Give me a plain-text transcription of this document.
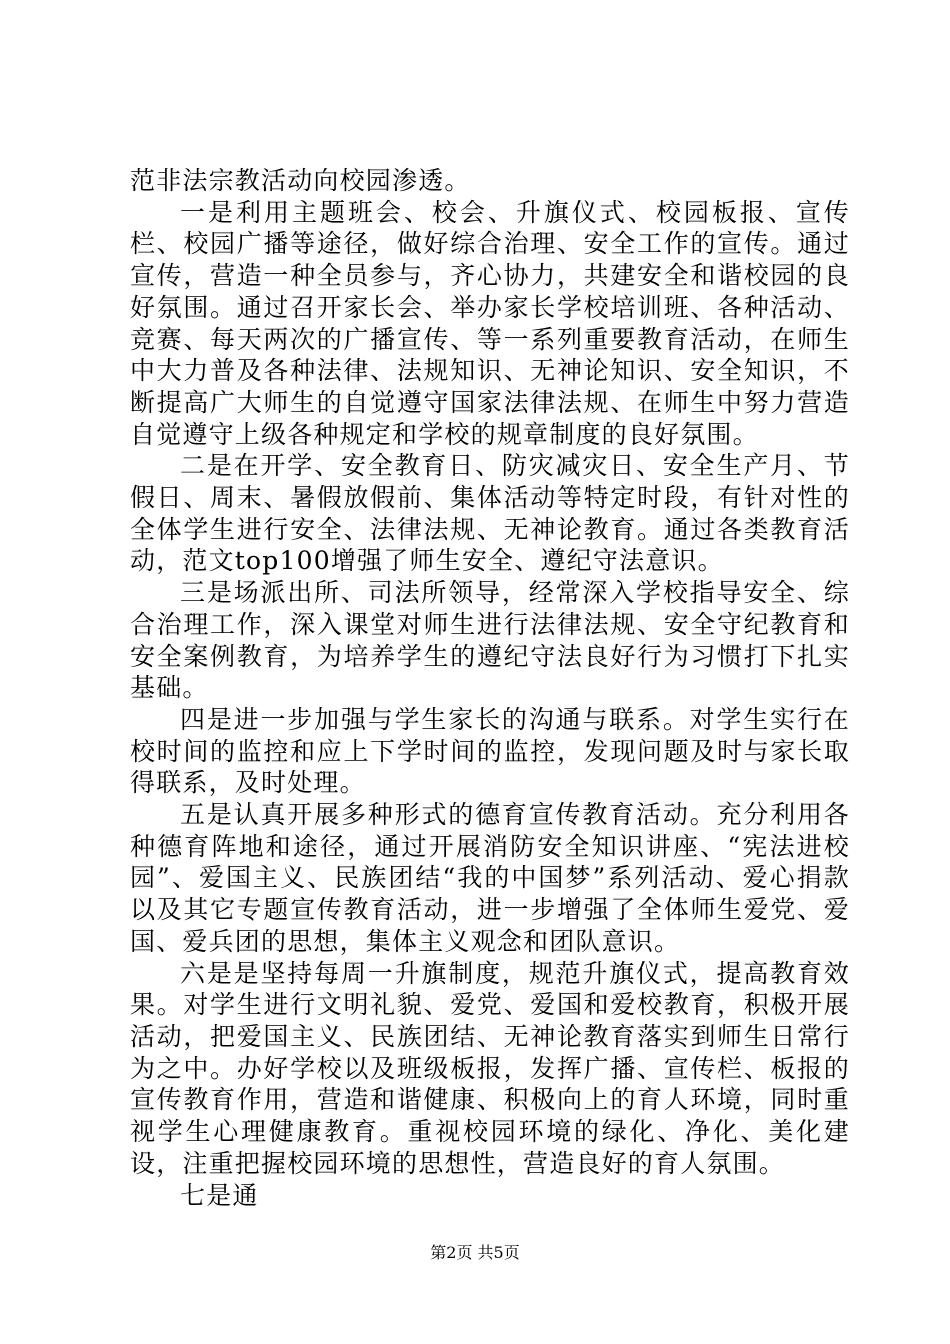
范非法宗教活动向校园渗透。

一是利用主题班会、校会、升旗仪式、校园板报、宣传栏、校园广播等途径，做好综合治理、安全工作的宣传。通过宣传，营造一种全员参与，齐心协力，共建安全和谐校园的良好氛围。通过召开家长会、举办家长学校培训班、各种活动、竞赛、每天两次的广播宣传、等一系列重要教育活动，在师生中大力普及各种法律、法规知识、无神论知识、安全知识，不断提高广大师生的自觉遵守国家法律法规、在师生中努力营造自觉遵守上级各种规定和学校的规章制度的良好氛围。

二是在开学、安全教育日、防灾减灾日、安全生产月、节假日、周末、暑假放假前、集体活动等特定时段，有针对性的全体学生进行安全、法律法规、无神论教育。通过各类教育活动，范文top100增强了师生安全、遵纪守法意识。

三是场派出所、司法所领导，经常深入学校指导安全、综合治理工作，深入课堂对师生进行法律法规、安全守纪教育和安全案例教育，为培养学生的遵纪守法良好行为习惯打下扎实基础。

四是进一步加强与学生家长的沟通与联系。对学生实行在校时间的监控和应上下学时间的监控，发现问题及时与家长取得联系，及时处理。

五是认真开展多种形式的德育宣传教育活动。充分利用各种德育阵地和途径，通过开展消防安全知识讲座、“宪法进校园”、爱国主义、民族团结“我的中国梦”系列活动、爱心捐款以及其它专题宣传教育活动，进一步增强了全体师生爱党、爱国、爱兵团的思想，集体主义观念和团队意识。

六是是坚持每周一升旗制度，规范升旗仪式，提高教育效果。对学生进行文明礼貌、爱党、爱国和爱校教育，积极开展活动，把爱国主义、民族团结、无神论教育落实到师生日常行为之中。办好学校以及班级板报，发挥广播、宣传栏、板报的宣传教育作用，营造和谐健康、积极向上的育人环境，同时重视学生心理健康教育。重视校园环境的绿化、净化、美化建设，注重把握校园环境的思想性，营造良好的育人氛围。

七是通

第2页 共5页
